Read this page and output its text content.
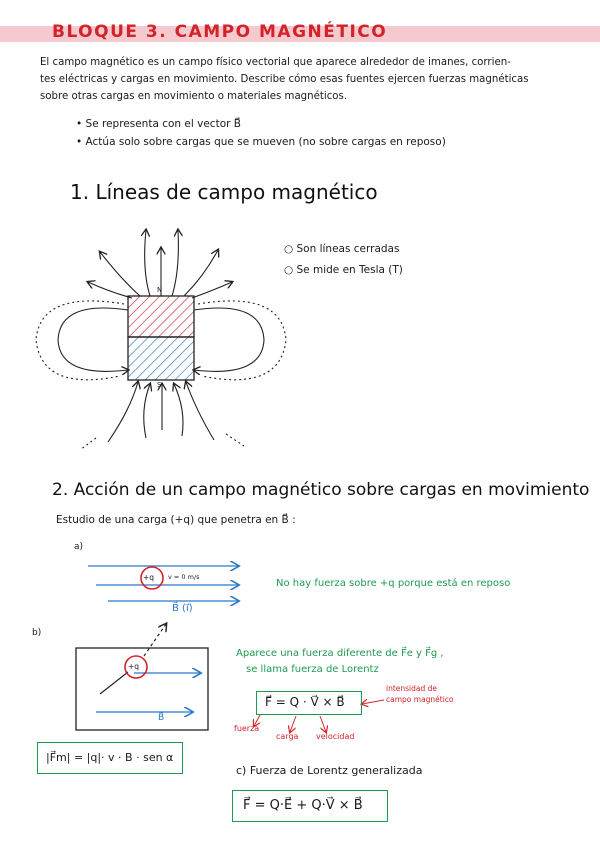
BLOQUE 3. CAMPO MAGNÉTICO
El campo magnético es un campo físico vectorial que aparece alrededor de imanes, corrien-
tes eléctricas y cargas en movimiento. Describe cómo esas fuentes ejercen fuerzas magnéticas
sobre otras cargas en movimiento o materiales magnéticos.
• Se representa con el vector B⃗
• Actúa solo sobre cargas que se mueven (no sobre cargas en reposo)
1. Líneas de campo magnético
○ Son líneas cerradas
○ Se mide en Tesla (T)
N
S
2. Acción de un campo magnético sobre cargas en movimiento
Estudio de una carga (+q) que penetra en B⃗ :
a)
+q v = 0 m/s
B⃗ (i⃗)
No hay fuerza sobre +q porque está en reposo
b)
+q
B⃗
Aparece una fuerza diferente de F⃗e y F⃗g ,
se llama fuerza de Lorentz
F⃗ = Q · V⃗ × B⃗
intensidad de
campo magnético
fuerza
carga velocidad
|F⃗m| = |q|· v · B · sen α
c) Fuerza de Lorentz generalizada
F⃗ = Q·E⃗ + Q·V⃗ × B⃗
